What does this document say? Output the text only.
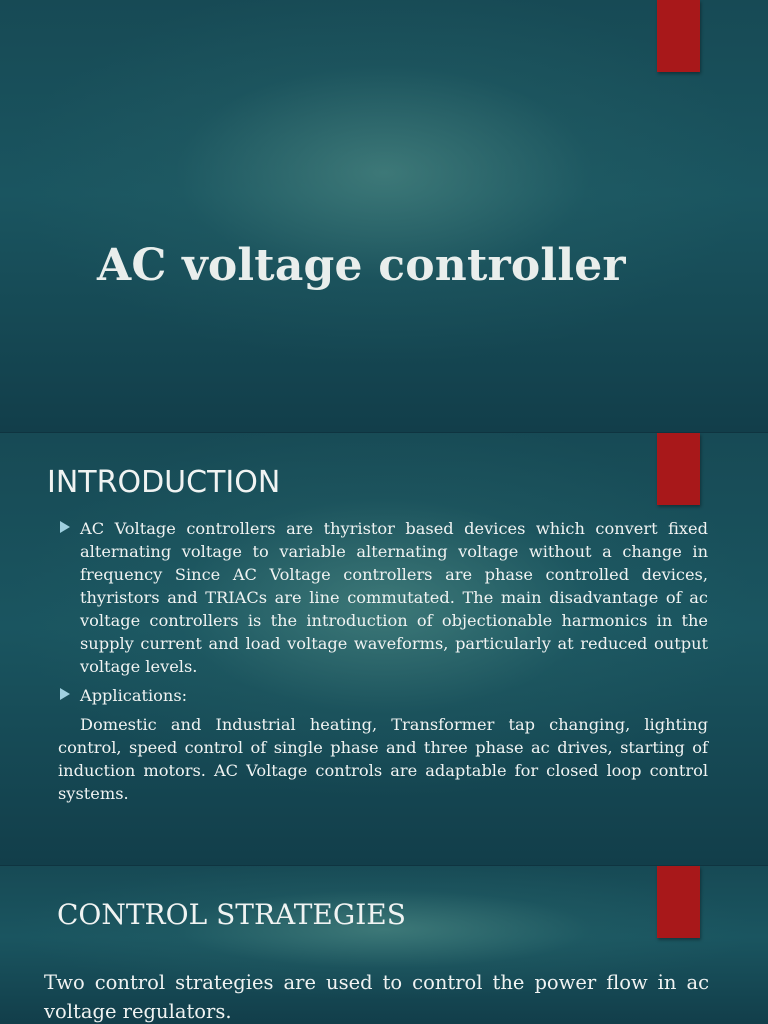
AC voltage controller
INTRODUCTION
AC Voltage controllers are thyristor based devices which convert fixed alternating voltage to variable alternating voltage without a change in frequency Since AC Voltage controllers are phase controlled devices, thyristors and TRIACs are line commutated. The main disadvantage of ac voltage controllers is the introduction of objectionable harmonics in the supply current and load voltage waveforms, particularly at reduced output voltage levels.
Applications:

Domestic and Industrial heating, Transformer tap changing, lighting control, speed control of single phase and three phase ac drives, starting of induction motors. AC Voltage controls are adaptable for closed loop control systems.

CONTROL STRATEGIES

Two control strategies are used to control the power flow in ac voltage regulators.
